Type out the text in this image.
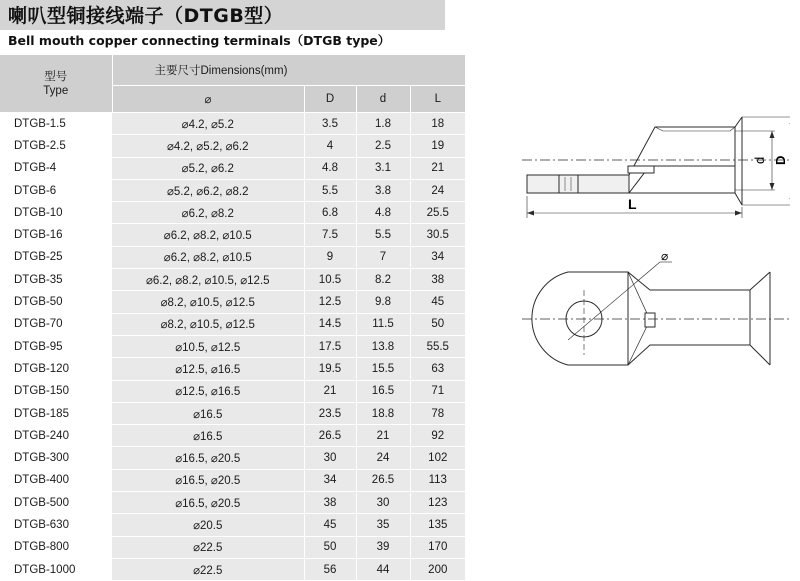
喇叭型铜接线端子（DTGB型）
Bell mouth copper connecting terminals（DTGB type）
型号
Type	主要尺寸Dimensions(mm)			
	⌀	D	d	L
DTGB-1.5	⌀4.2, ⌀5.2	3.5	1.8	18
DTGB-2.5	⌀4.2, ⌀5.2, ⌀6.2	4	2.5	19
DTGB-4	⌀5.2, ⌀6.2	4.8	3.1	21
DTGB-6	⌀5.2, ⌀6.2, ⌀8.2	5.5	3.8	24
DTGB-10	⌀6.2, ⌀8.2	6.8	4.8	25.5
DTGB-16	⌀6.2, ⌀8.2, ⌀10.5	7.5	5.5	30.5
DTGB-25	⌀6.2, ⌀8.2, ⌀10.5	9	7	34
DTGB-35	⌀6.2, ⌀8.2, ⌀10.5, ⌀12.5	10.5	8.2	38
DTGB-50	⌀8.2, ⌀10.5, ⌀12.5	12.5	9.8	45
DTGB-70	⌀8.2, ⌀10.5, ⌀12.5	14.5	11.5	50
DTGB-95	⌀10.5, ⌀12.5	17.5	13.8	55.5
DTGB-120	⌀12.5, ⌀16.5	19.5	15.5	63
DTGB-150	⌀12.5, ⌀16.5	21	16.5	71
DTGB-185	⌀16.5	23.5	18.8	78
DTGB-240	⌀16.5	26.5	21	92
DTGB-300	⌀16.5, ⌀20.5	30	24	102
DTGB-400	⌀16.5, ⌀20.5	34	26.5	113
DTGB-500	⌀16.5, ⌀20.5	38	30	123
DTGB-630	⌀20.5	45	35	135
DTGB-800	⌀22.5	50	39	170
DTGB-1000	⌀22.5	56	44	200
d D
L
⌀
